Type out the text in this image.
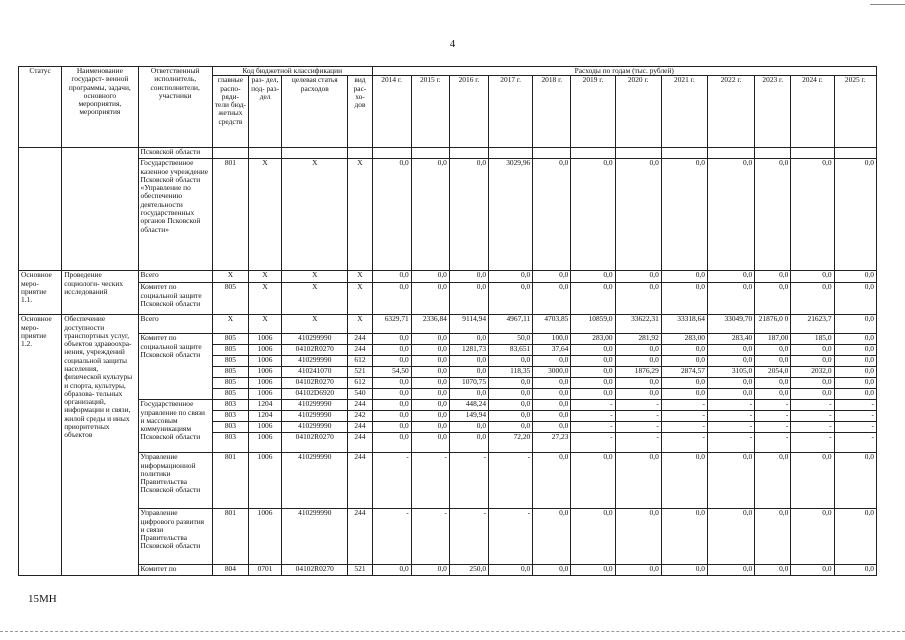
4
Статус	Наименование государст- венной программы, задачи, основного мероприятия, мероприятия	Ответственный исполнитель, соисполнители, участники	Код бюджетной классификации				Расходы по годам (тыс. рублей)											
			главные распо- ряди- тели бюд- жетных средств	раз- дел, под- раз- дел	целевая статья расходов	вид рас- хо- дов	2014 г.	2015 г.	2016 г.	2017 г.	2018 г.	2019 г.	2020 г.	2021 г.	2022 г.	2023 г.	2024 г.	2025 г.
		Псковской области																
		Государственное казенное учреждение Псковской области «Управление по обеспечению деятельности государственных органов Псковской области»	801	Х	Х	Х	0,0	0,0	0,0	3029,96	0,0	0,0	0,0	0,0	0,0	0,0	0,0	0,0
Основное меро- приятие 1.1.	Проведение социологи- ческих исследований	Всего	Х	Х	Х	Х	0,0	0,0	0,0	0,0	0,0	0,0	0,0	0,0	0,0	0,0	0,0	0,0
		Комитет по социальной защите Псковской области	805	Х	Х	Х	0,0	0,0	0,0	0,0	0,0	0,0	0,0	0,0	0,0	0,0	0,0	0,0
Основное меро- приятие 1.2.	Обеспечение доступности транспортных услуг, объектов здравоохра- нения, учреждений социальной защиты населения, физической культуры и спорта, культуры, образова- тельных организаций, информации и связи, жилой среды и иных приоритетных объектов	Всего	Х	Х	Х	Х	6329,71	2336,84	9114,94	4967,11	4703,85	10859,0	33622,31	33318,64	33049,70	21876,0 0	21623,7	0,0
		Комитет по социальной защите Псковской области	805	1006	410299990	244	0,0	0,0	0,0	50,0	100,0	283,00	281,92	283,00	283,40	187,00	185,0	0,0
			805	1006	04102R0270	244	0,0	0,0	1281,73	83,651	37,64	0,0	0,0	0,0	0,0	0,0	0,0	0,0
			805	1006	410299990	612	0,0	0,0	0,0	0,0	0,0	0,0	0,0	0,0	0,0	0,0	0,0	0,0
			805	1006	410241070	521	54,50	0,0	0,0	118,35	3000,0	0,0	1876,29	2874,57	3105,0	2054,0	2032,0	0,0
			805	1006	04102R0270	612	0,0	0,0	1070,75	0,0	0,0	0,0	0,0	0,0	0,0	0,0	0,0	0,0
			805	1006	04102D6920	540	0,0	0,0	0,0	0,0	0,0	0,0	0,0	0,0	0,0	0,0	0,0	0,0
		Государственное управление по связи и массовым коммуникациям Псковской области	803	1204	410299990	244	0,0	0,0	448,24	0,0	0,0	-	-	-	-	-	-	-
			803	1204	410299990	242	0,0	0,0	149,94	0,0	0,0	-	-	-	-	-	-	-
			803	1006	410299990	244	0,0	0,0	0,0	0,0	0,0	-	-	-	-	-	-	-
			803	1006	04102R0270	244	0,0	0,0	0,0	72,20	27,23	-	-	-	-	-	-	-
		Управление информационной политики Правительства Псковской области	801	1006	410299990	244	-	-	-	-	0,0	0,0	0,0	0,0	0,0	0,0	0,0	0,0
		Управление цифрового развития и связи Правительства Псковской области	801	1006	410299990	244	-	-	-	-	0,0	0,0	0,0	0,0	0,0	0,0	0,0	0,0
		Комитет по	804	0701	04102R0270	521	0,0	0,0	250,0	0,0	0,0	0,0	0,0	0,0	0,0	0,0	0,0	0,0
15МН
